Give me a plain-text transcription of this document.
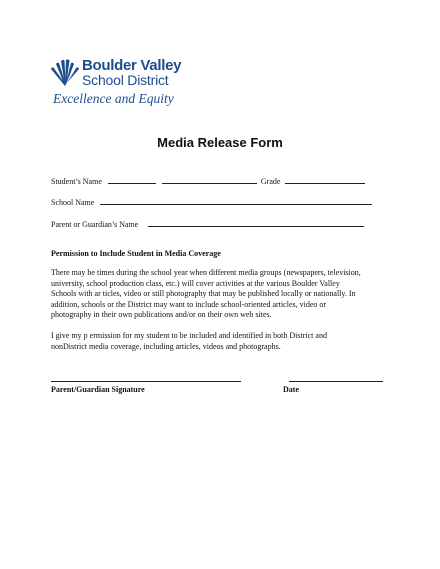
Boulder Valley
School District
Excellence and Equity
Media Release Form
Student’s Name	Grade
School Name
Parent or Guardian’s Name
Permission to Include Student in Media Coverage
There may be times during the school year when different media groups (newspapers, television,
university, school production class, etc.) will cover activities at the various Boulder Valley
Schools with ar ticles, video or still photography that may be published locally or nationally. In
addition, schools or the District may want to include school-oriented articles, video or
photography in their own publications and/or on their own web sites.
I give my p ermission for my student to be included and identified in both District and
nonDistrict media coverage, including articles, videos and photographs.
Parent/Guardian Signature	Date
